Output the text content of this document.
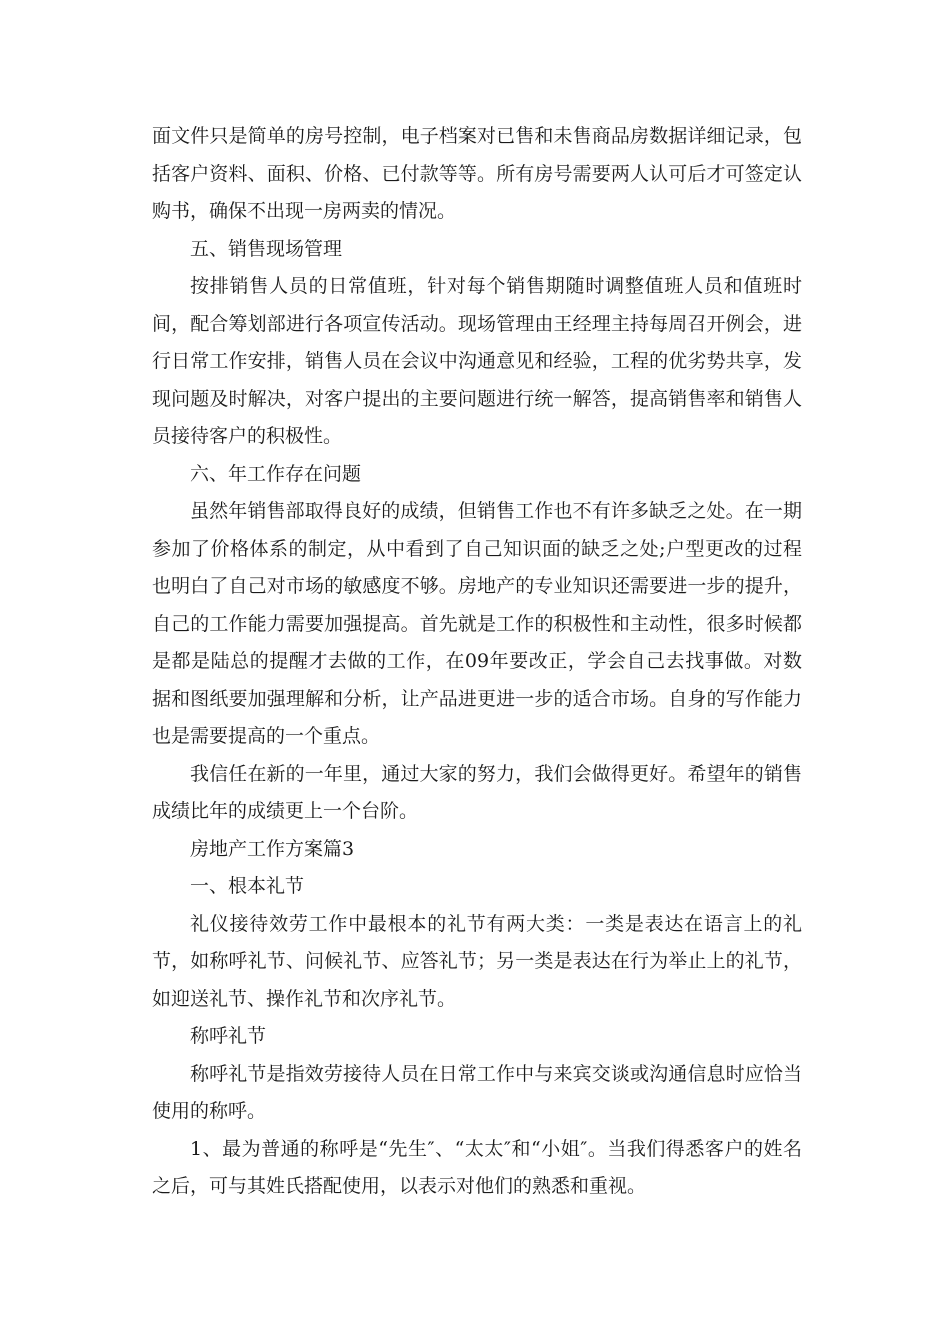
面文件只是简单的房号控制，电子档案对已售和未售商品房数据详细记录，包括客户资料、面积、价格、已付款等等。所有房号需要两人认可后才可签定认购书，确保不出现一房两卖的情况。

五、销售现场管理

按排销售人员的日常值班，针对每个销售期随时调整值班人员和值班时间，配合筹划部进行各项宣传活动。现场管理由王经理主持每周召开例会，进行日常工作安排，销售人员在会议中沟通意见和经验，工程的优劣势共享，发现问题及时解决，对客户提出的主要问题进行统一解答，提高销售率和销售人员接待客户的积极性。

六、年工作存在问题

虽然年销售部取得良好的成绩，但销售工作也不有许多缺乏之处。在一期参加了价格体系的制定，从中看到了自己知识面的缺乏之处;户型更改的过程也明白了自己对市场的敏感度不够。房地产的专业知识还需要进一步的提升，自己的工作能力需要加强提高。首先就是工作的积极性和主动性，很多时候都是都是陆总的提醒才去做的工作，在09年要改正，学会自己去找事做。对数据和图纸要加强理解和分析，让产品进更进一步的适合市场。自身的写作能力也是需要提高的一个重点。

我信任在新的一年里，通过大家的努力，我们会做得更好。希望年的销售成绩比年的成绩更上一个台阶。

房地产工作方案篇3

一、根本礼节

礼仪接待效劳工作中最根本的礼节有两大类：一类是表达在语言上的礼节，如称呼礼节、问候礼节、应答礼节；另一类是表达在行为举止上的礼节，如迎送礼节、操作礼节和次序礼节。

称呼礼节

称呼礼节是指效劳接待人员在日常工作中与来宾交谈或沟通信息时应恰当使用的称呼。

1、最为普通的称呼是“先生″、“太太″和“小姐″。当我们得悉客户的姓名之后，可与其姓氏搭配使用，以表示对他们的熟悉和重视。
